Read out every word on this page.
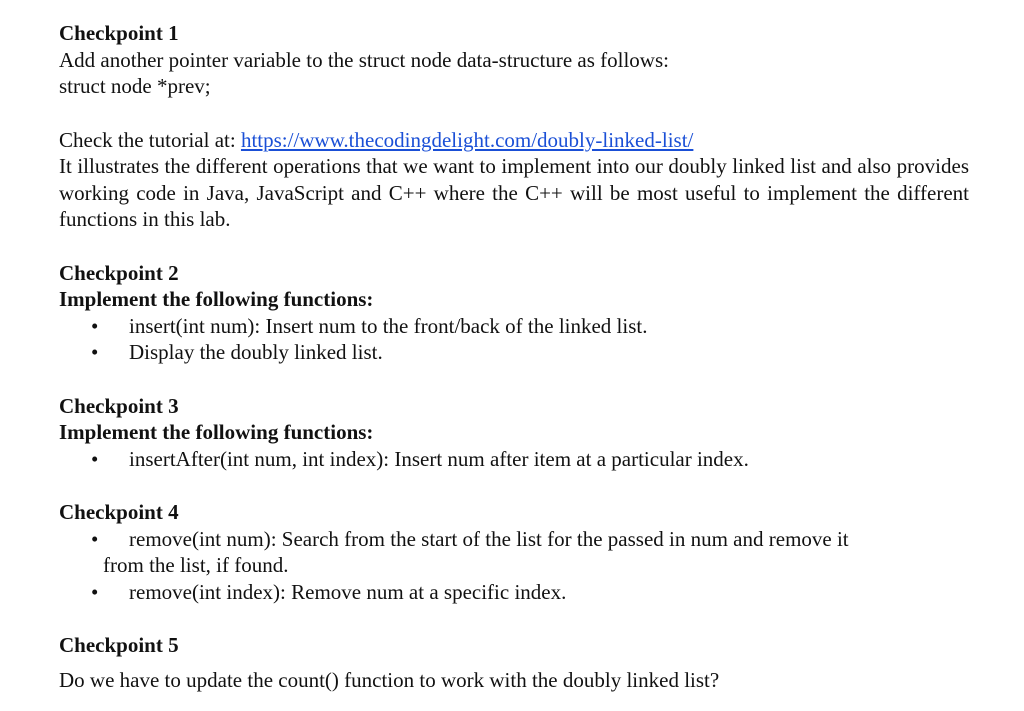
Checkpoint 1

Add another pointer variable to the struct node data-structure as follows:

struct node *prev;

Check the tutorial at: https://www.thecodingdelight.com/doubly-linked-list/

It illustrates the different operations that we want to implement into our doubly linked list and also provides working code in Java, JavaScript and C++ where the C++ will be most useful to implement the different functions in this lab.

Checkpoint 2

Implement the following functions:

• insert(int num): Insert num to the front/back of the linked list.
• Display the doubly linked list.

Checkpoint 3

Implement the following functions:

• insertAfter(int num, int index): Insert num after item at a particular index.

Checkpoint 4

•	remove(int num): Search from the start of the list for the passed in num and remove it
from the list, if found.
• remove(int index): Remove num at a specific index.

Checkpoint 5

Do we have to update the count() function to work with the doubly linked list?
